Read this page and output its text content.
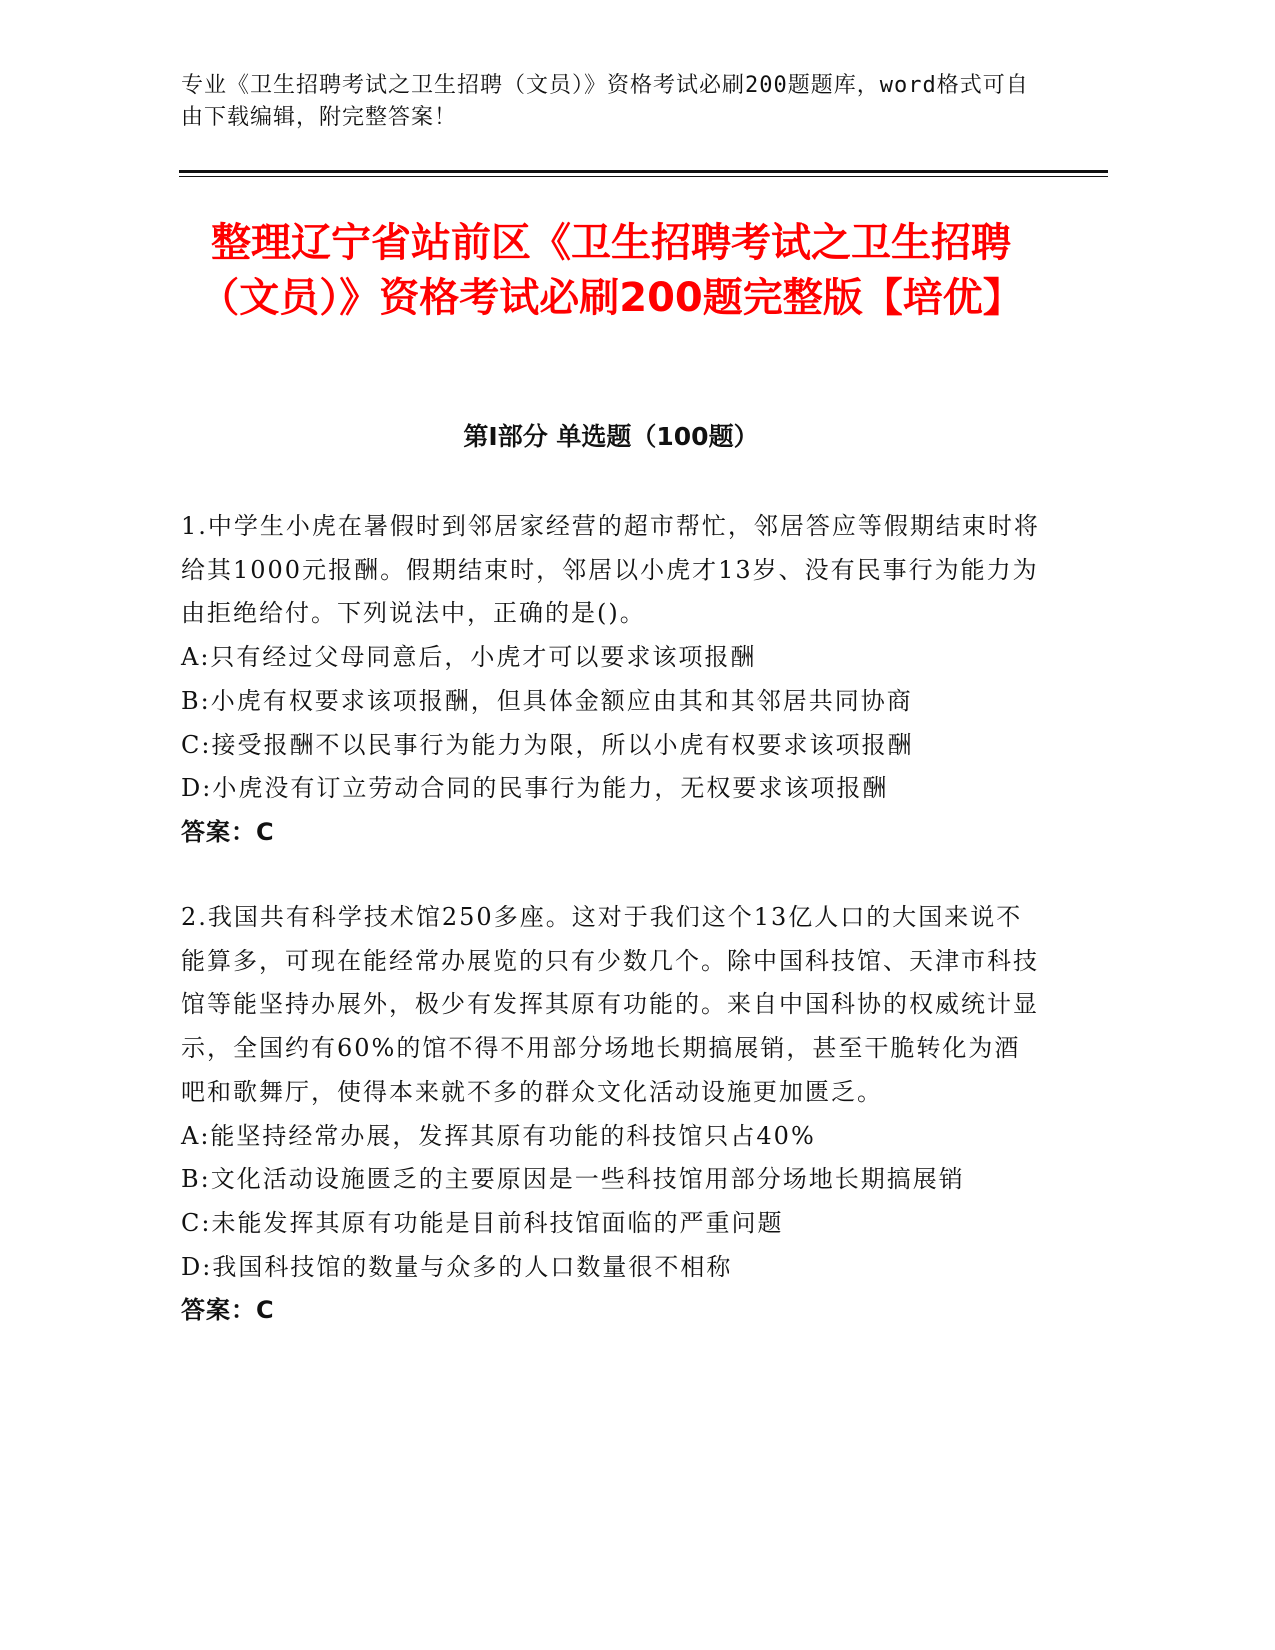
专业《卫生招聘考试之卫生招聘（文员）》资格考试必刷200题题库，word格式可自由下载编辑，附完整答案！
整理辽宁省站前区《卫生招聘考试之卫生招聘（文员）》资格考试必刷200题完整版【培优】
第Ⅰ部分 单选题（100题）

1.中学生小虎在暑假时到邻居家经营的超市帮忙，邻居答应等假期结束时将给其1000元报酬。假期结束时，邻居以小虎才13岁、没有民事行为能力为由拒绝给付。下列说法中，正确的是()。

A:只有经过父母同意后，小虎才可以要求该项报酬

B:小虎有权要求该项报酬，但具体金额应由其和其邻居共同协商

C:接受报酬不以民事行为能力为限，所以小虎有权要求该项报酬

D:小虎没有订立劳动合同的民事行为能力，无权要求该项报酬

答案：C

2.我国共有科学技术馆250多座。这对于我们这个13亿人口的大国来说不能算多，可现在能经常办展览的只有少数几个。除中国科技馆、天津市科技馆等能坚持办展外，极少有发挥其原有功能的。来自中国科协的权威统计显示，全国约有60%的馆不得不用部分场地长期搞展销，甚至干脆转化为酒吧和歌舞厅，使得本来就不多的群众文化活动设施更加匮乏。

A:能坚持经常办展，发挥其原有功能的科技馆只占40%

B:文化活动设施匮乏的主要原因是一些科技馆用部分场地长期搞展销

C:未能发挥其原有功能是目前科技馆面临的严重问题

D:我国科技馆的数量与众多的人口数量很不相称

答案：C
